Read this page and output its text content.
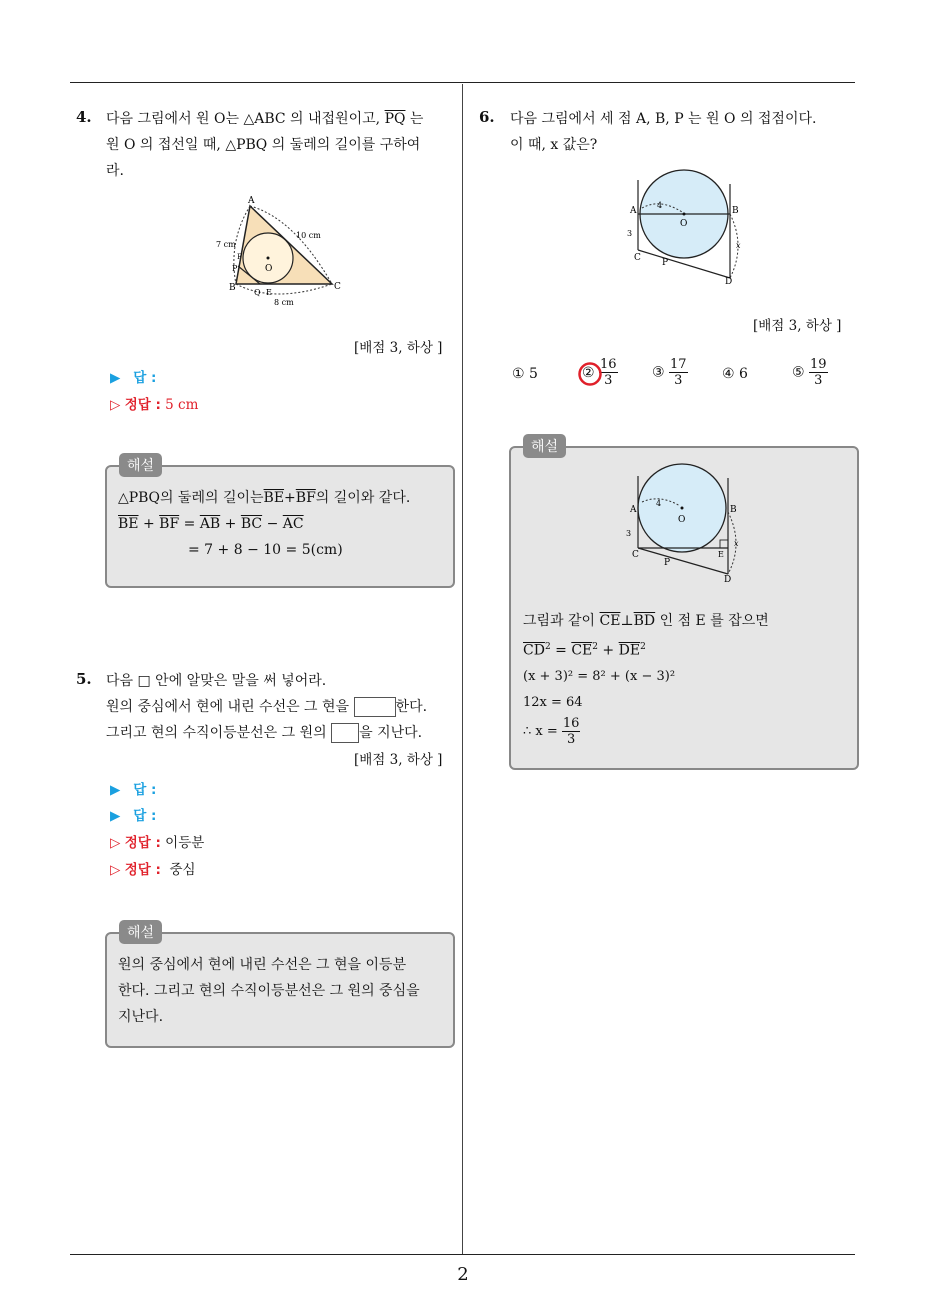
2
4. 다음 그림에서 원 O는 △ABC 의 내접원이고, $\overline{PQ}$ 는
원 O 의 접선일 때, △PBQ 의 둘레의 길이를 구하여
라.
A
B	C
O
P
Q E
F
7 cm
10 cm
8 cm
[배점 3, 하상 ]
▶ 답 :
▷ 정답 : 5 cm
해설
△PBQ의 둘레의 길이는$\overline{BE}+\overline{BF}$의 길이와 같다.
$\overline{BE} + \overline{BF} = \overline{AB} + \overline{BC} - \overline{AC}$
= 7 + 8 − 10 = 5(cm)
5. 다음 □ 안에 알맞은 말을 써 넣어라.
원의 중심에서 현에 내린 수선은 그 현을	한다.
그리고 현의 수직이등분선은 그 원의 을 지난다.
[배점 3, 하상 ]
▶ 답 :
▶ 답 :
▷ 정답 : 이등분
▷ 정답 : 중심
해설
원의 중심에서 현에 내린 수선은 그 현을 이등분
한다. 그리고 현의 수직이등분선은 그 원의 중심을
지난다.
6. 다음 그림에서 세 점 A, B, P 는 원 O 의 접점이다.
이 때, x 값은?
A	B
C
D
O
P
4
3
x
[배점 3, 하상 ]
① 5	② $\frac{16}{3}$ ③ $\frac{17}{3}$ ④ 6	⑤ $\frac{19}{3}$
해설
A	B
C
D
O
P
E
4
3
x
그림과 같이 $\overline{CE}\perp\overline{BD}$ 인 점 E 를 잡으면
$\overline{CD}^2 = \overline{CE}^2 + \overline{DE}^2$
(x + 3)² = 8² + (x − 3)²
12x = 64
∴ $x = \frac{16}{3}$
